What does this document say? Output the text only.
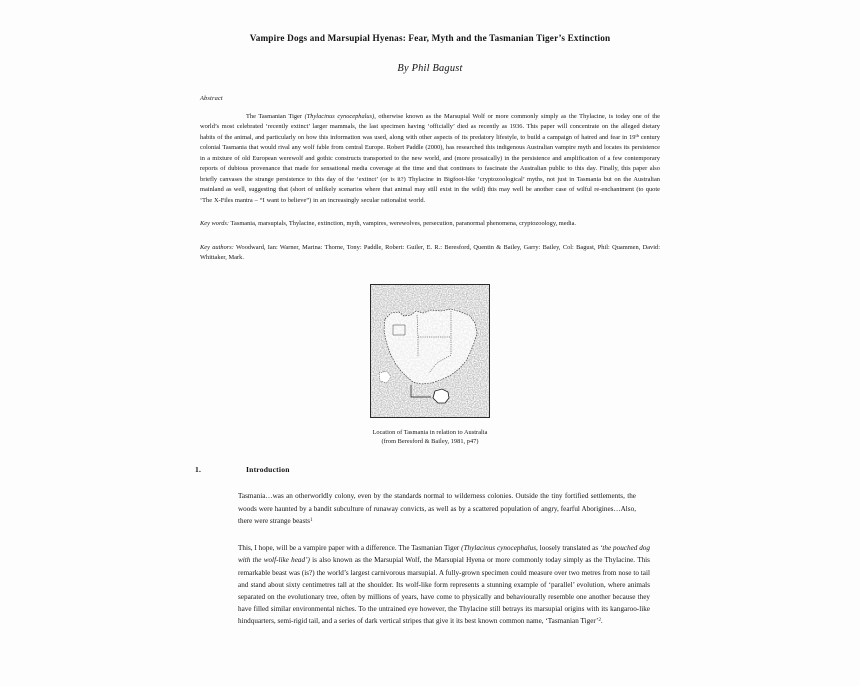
Vampire Dogs and Marsupial Hyenas: Fear, Myth and the Tasmanian Tiger’s Extinction

By Phil Bagust

Abstract

The Tasmanian Tiger (Thylacinus cynocephalus), otherwise known as the Marsupial Wolf or more commonly simply as the Thylacine, is today one of the world’s most celebrated ‘recently extinct’ larger mammals, the last specimen having ‘officially’ died as recently as 1936. This paper will concentrate on the alleged dietary habits of the animal, and particularly on how this information was used, along with other aspects of its predatory lifestyle, to build a campaign of hatred and fear in 19th century colonial Tasmania that would rival any wolf fable from central Europe. Robert Paddle (2000), has researched this indigenous Australian vampire myth and locates its persistence in a mixture of old European werewolf and gothic constructs transported to the new world, and (more prosaically) in the persistence and amplification of a few contemporary reports of dubious provenance that made for sensational media coverage at the time and that continues to fascinate the Australian public to this day. Finally, this paper also briefly canvases the strange persistence to this day of the ‘extinct’ (or is it?) Thylacine in Bigfoot-like ‘cryptozoological’ myths, not just in Tasmania but on the Australian mainland as well, suggesting that (short of unlikely scenarios where that animal may still exist in the wild) this may well be another case of wilful re-enchantment (to quote ‘The X-Files mantra – “I want to believe”) in an increasingly secular rationalist world.

Key words: Tasmania, marsupials, Thylacine, extinction, myth, vampires, werewolves, persecution, paranormal phenomena, cryptozoology, media.

Key authors: Woodward, Ian: Warner, Marina: Thorne, Tony: Paddle, Robert: Guiler, E. R.: Beresford, Quentin & Bailey, Garry: Bailey, Col: Bagust, Phil: Quammen, David: Whittaker, Mark.

Location of Tasmania in relation to Australia
(from Beresford & Bailey, 1981, p47)

1.	Introduction

Tasmania…was an otherworldly colony, even by the standards normal to wilderness colonies. Outside the tiny fortified settlements, the woods were haunted by a bandit subculture of runaway convicts, as well as by a scattered population of angry, fearful Aborigines…Also, there were strange beasts$^1$

This, I hope, will be a vampire paper with a difference. The Tasmanian Tiger (Thylacinus cynocephalus, loosely translated as ‘the pouched dog with the wolf-like head’) is also known as the Marsupial Wolf, the Marsupial Hyena or more commonly today simply as the Thylacine. This remarkable beast was (is?) the world’s largest carnivorous marsupial. A fully-grown specimen could measure over two metres from nose to tail and stand about sixty centimetres tall at the shoulder. Its wolf-like form represents a stunning example of ‘parallel’ evolution, where animals separated on the evolutionary tree, often by millions of years, have come to physically and behaviourally resemble one another because they have filled similar environmental niches. To the untrained eye however, the Thylacine still betrays its marsupial origins with its kangaroo-like hindquarters, semi-rigid tail, and a series of dark vertical stripes that give it its best known common name, ‘Tasmanian Tiger’$^2$.
